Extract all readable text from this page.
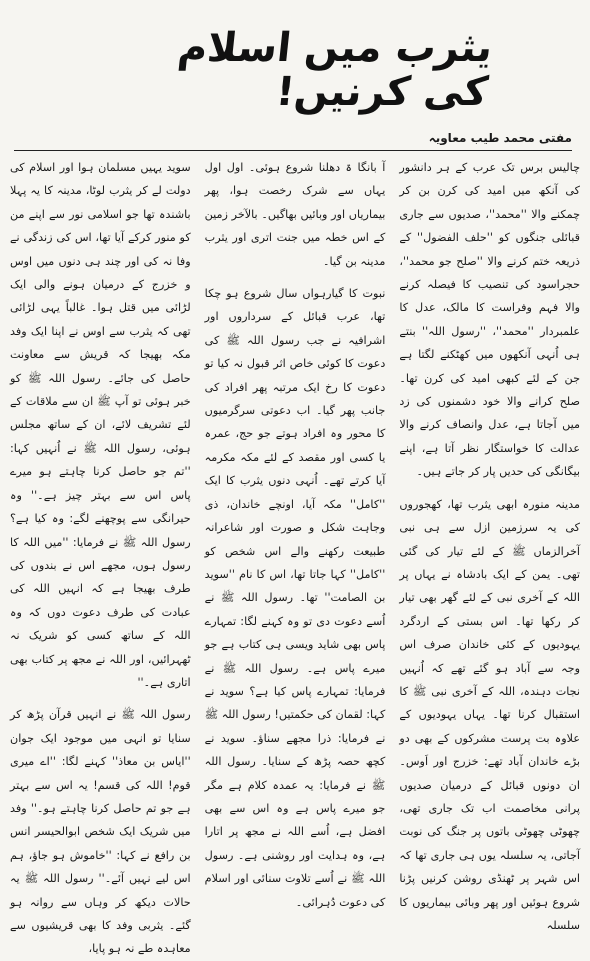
یثرب میں اسلام کی کرنیں!
مفتی محمد طیب معاویہ

چالیس برس تک عرب کے ہر دانشور کی آنکھ میں امید کی کرن بن کر چمکنے والا ''محمد''، صدیوں سے جاری قبائلی جنگوں کو ''حلف الفضول'' کے ذریعہ ختم کرنے والا ''صلح جو محمد''، حجراسود کی تنصیب کا فیصلہ کرنے والا فہم وفراست کا مالک، عدل کا علمبردار ''محمد''، ''رسول اللہ'' بنتے ہی اُنہی آنکھوں میں کھٹکنے لگتا ہے جن کے لئے کبھی امید کی کرن تھا۔ صلح کرانے والا خود دشمنوں کی زد میں آجاتا ہے، عدل وانصاف کرنے والا عدالت کا خواستگار نظر آتا ہے، اپنے بیگانگی کی حدیں پار کر جاتے ہیں۔

مدینہ منورہ ابھی یثرب تھا، کھجوروں کی یہ سرزمین ازل سے ہی نبی آخرالزماں ﷺ کے لئے تیار کی گئی تھی۔ یمن کے ایک بادشاہ نے یہاں پر اللہ کے آخری نبی کے لئے گھر بھی تیار کر رکھا تھا۔ اس بستی کے اردگرد یہودیوں کے کئی خاندان صرف اس وجہ سے آباد ہو گئے تھے کہ اُنہیں نجات دہندہ، اللہ کے آخری نبی ﷺ کا استقبال کرنا تھا۔ یہاں یہودیوں کے علاوہ بت پرست مشرکوں کے بھی دو بڑے خاندان آباد تھے: خزرج اور اَوس۔ ان دونوں قبائل کے درمیان صدیوں پرانی مخاصمت اب تک جاری تھی، چھوٹی چھوٹی باتوں پر جنگ کی نوبت آجاتی، یہ سلسلہ یوں ہی جاری تھا کہ اس شہر پر ٹھنڈی روشن کرنیں پڑنا شروع ہوئیں اور پھر وبائی بیماریوں کا سلسلہ

آ بانگا ۃ دھلنا شروع ہوئی۔ اول اول یہاں سے شرک رخصت ہوا، پھر بیماریاں اور وبائیں بھاگیں۔ بالآخر زمین کے اس خطہ میں جنت اتری اور یثرب مدینہ بن گیا۔

نبوت کا گیارہواں سال شروع ہو چکا تھا، عرب قبائل کے سرداروں اور اشرافیہ نے جب رسول اللہ ﷺ کی دعوت کا کوئی خاص اثر قبول نہ کیا تو دعوت کا رخ ایک مرتبہ پھر افراد کی جانب پھر گیا۔ اب دعوتی سرگرمیوں کا محور وہ افراد ہوتے جو حج، عمرہ یا کسی اور مقصد کے لئے مکہ مکرمہ آیا کرتے تھے۔ اُنہی دنوں یثرب کا ایک ''کامل'' مکہ آیا، اونچے خاندان، ذی وجاہت شکل و صورت اور شاعرانہ طبیعت رکھنے والے اس شخص کو ''کامل'' کہا جاتا تھا، اس کا نام ''سوید بن الصامت'' تھا۔ رسول اللہ ﷺ نے اُسے دعوت دی تو وہ کہنے لگا: تمہارے پاس بھی شاید ویسی ہی کتاب ہے جو میرے پاس ہے۔ رسول اللہ ﷺ نے فرمایا: تمہارے پاس کیا ہے؟ سوید نے کہا: لقمان کی حکمتیں! رسول اللہ ﷺ نے فرمایا: ذرا مجھے سناؤ۔ سوید نے کچھ حصہ پڑھ کے سنایا۔ رسول اللہ ﷺ نے فرمایا: یہ عمدہ کلام ہے مگر جو میرے پاس ہے وہ اس سے بھی افضل ہے، اُسے اللہ نے مجھ پر اتارا ہے، وہ ہدایت اور روشنی ہے۔ رسول اللہ ﷺ نے اُسے تلاوت سنائی اور اسلام کی دعوت دُہرائی۔

سوید یہیں مسلمان ہوا اور اسلام کی دولت لے کر یثرب لوٹا، مدینہ کا یہ پہلا باشندہ تھا جو اسلامی نور سے اپنے من کو منور کرکے آیا تھا، اس کی زندگی نے وفا نہ کی اور چند ہی دنوں میں اوس و خزرج کے درمیان ہونے والی ایک لڑائی میں قتل ہوا۔ غالباً یہی لڑائی تھی کہ یثرب سے اوس نے اپنا ایک وفد مکہ بھیجا کہ قریش سے معاونت حاصل کی جائے۔ رسول اللہ ﷺ کو خبر ہوئی تو آپ ﷺ ان سے ملاقات کے لئے تشریف لائے، ان کے ساتھ مجلس ہوئی، رسول اللہ ﷺ نے اُنہیں کہا: ''تم جو حاصل کرنا چاہتے ہو میرے پاس اس سے بہتر چیز ہے۔'' وہ حیرانگی سے پوچھنے لگے: وہ کیا ہے؟ رسول اللہ ﷺ نے فرمایا: ''میں اللہ کا رسول ہوں، مجھے اس نے بندوں کی طرف بھیجا ہے کہ انہیں اللہ کی عبادت کی طرف دعوت دوں کہ وہ اللہ کے ساتھ کسی کو شریک نہ ٹھہرائیں، اور اللہ نے مجھ پر کتاب بھی اتاری ہے۔''

رسول اللہ ﷺ نے انہیں قرآن پڑھ کر سنایا تو انہی میں موجود ایک جوان ''ایاس بن معاذ'' کہنے لگا: ''اے میری قوم! اللہ کی قسم! یہ اس سے بہتر ہے جو تم حاصل کرنا چاہتے ہو۔'' وفد میں شریک ایک شخص ابوالحیسر انس بن رافع نے کہا: ''خاموش ہو جاؤ، ہم اس لیے نہیں آئے۔'' رسول اللہ ﷺ یہ حالات دیکھ کر وہاں سے روانہ ہو گئے۔ یثربی وفد کا بھی قریشیوں سے معاہدہ طے نہ ہو پایا،
